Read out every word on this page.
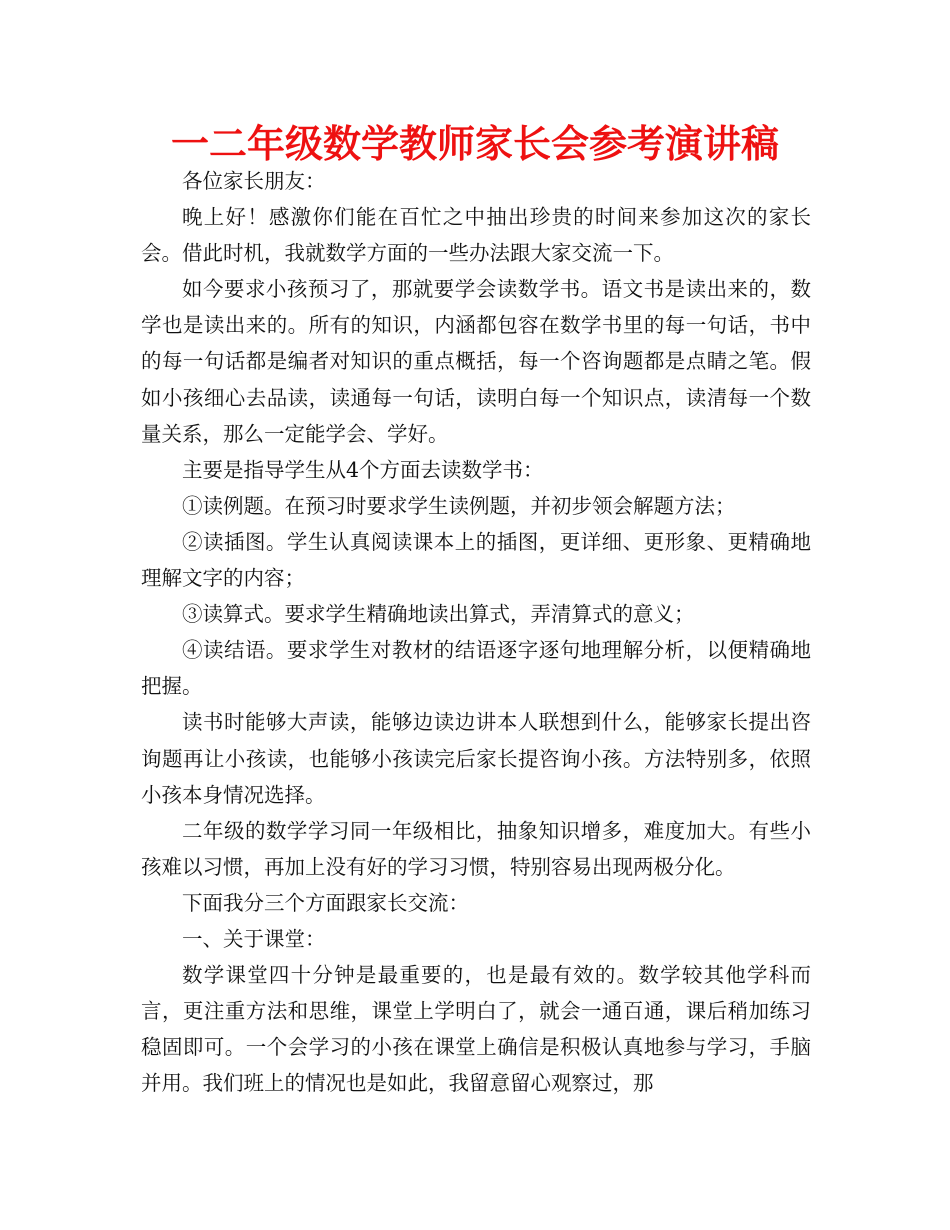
一二年级数学教师家长会参考演讲稿

各位家长朋友：

晚上好！感激你们能在百忙之中抽出珍贵的时间来参加这次的家长会。借此时机，我就数学方面的一些办法跟大家交流一下。

如今要求小孩预习了，那就要学会读数学书。语文书是读出来的，数学也是读出来的。所有的知识，内涵都包容在数学书里的每一句话，书中的每一句话都是编者对知识的重点概括，每一个咨询题都是点睛之笔。假如小孩细心去品读，读通每一句话，读明白每一个知识点，读清每一个数量关系，那么一定能学会、学好。

主要是指导学生从4个方面去读数学书：

①读例题。在预习时要求学生读例题，并初步领会解题方法；

②读插图。学生认真阅读课本上的插图，更详细、更形象、更精确地理解文字的内容；

③读算式。要求学生精确地读出算式，弄清算式的意义；

④读结语。要求学生对教材的结语逐字逐句地理解分析，以便精确地把握。

读书时能够大声读，能够边读边讲本人联想到什么，能够家长提出咨询题再让小孩读，也能够小孩读完后家长提咨询小孩。方法特别多，依照小孩本身情况选择。

二年级的数学学习同一年级相比，抽象知识增多，难度加大。有些小孩难以习惯，再加上没有好的学习习惯，特别容易出现两极分化。

下面我分三个方面跟家长交流：

一、关于课堂：

数学课堂四十分钟是最重要的，也是最有效的。数学较其他学科而言，更注重方法和思维，课堂上学明白了，就会一通百通，课后稍加练习稳固即可。一个会学习的小孩在课堂上确信是积极认真地参与学习，手脑并用。我们班上的情况也是如此，我留意留心观察过，那
